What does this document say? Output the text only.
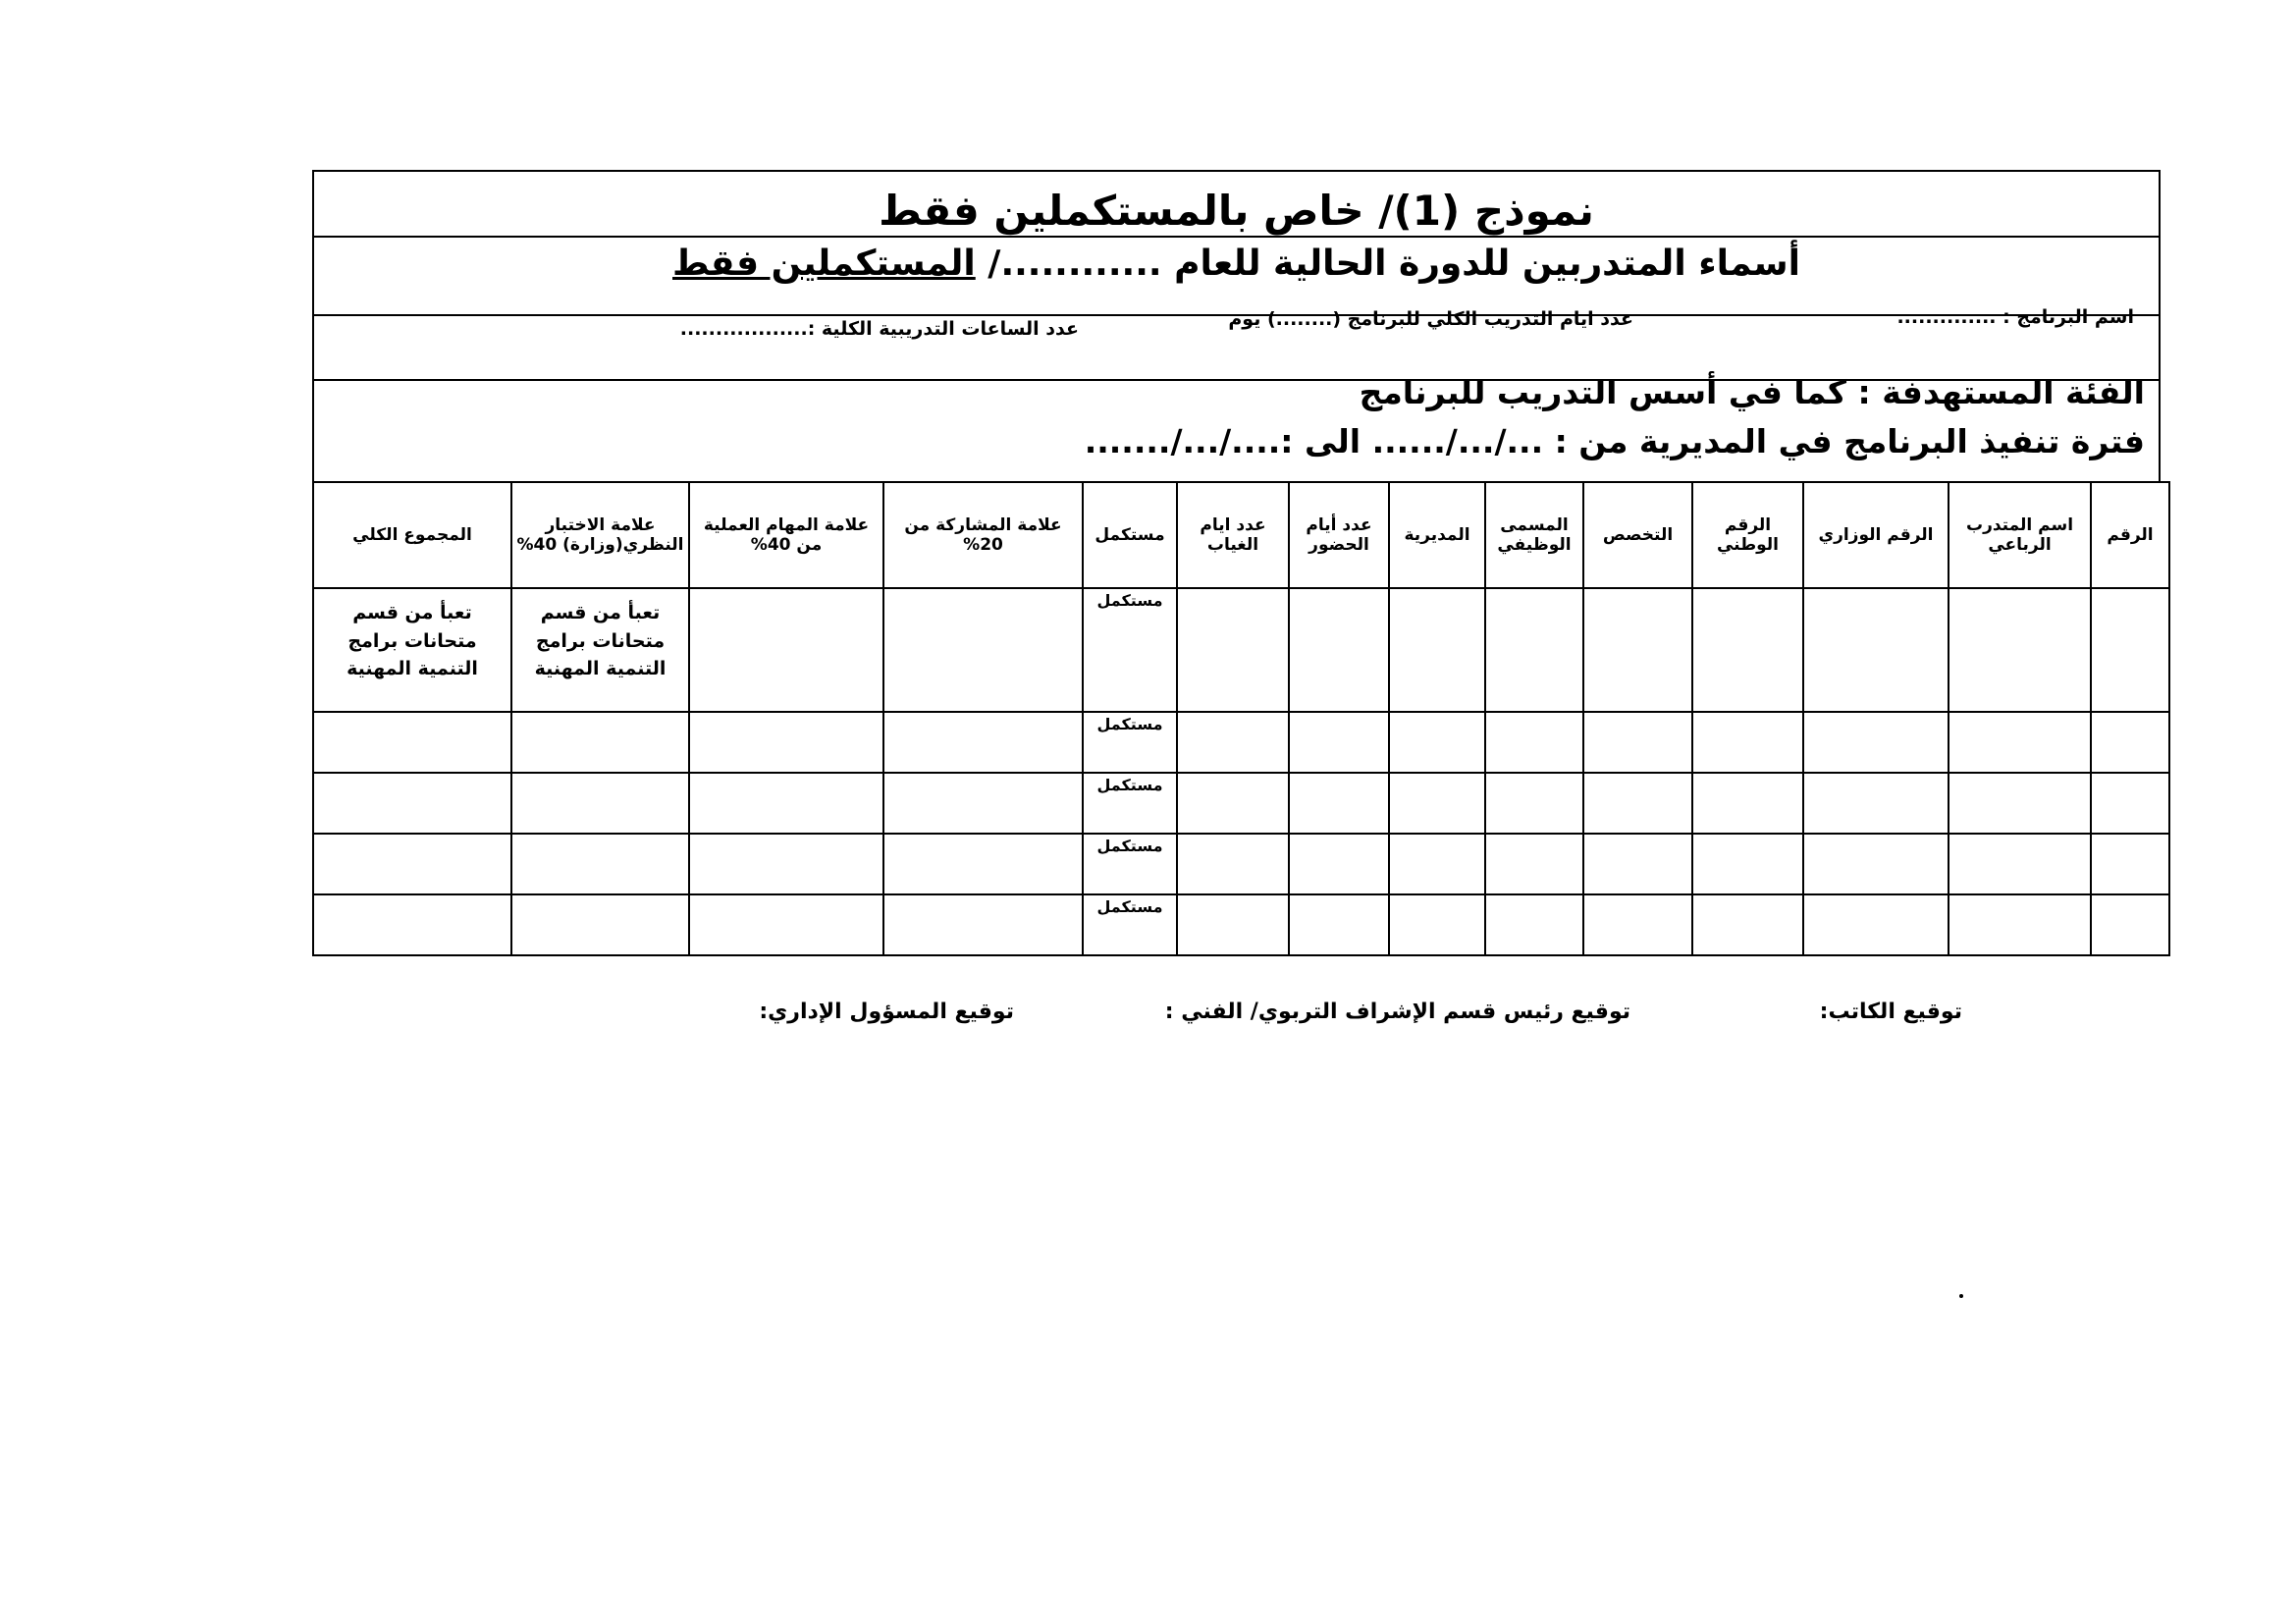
نموذج (1)/ خاص بالمستكملين فقط
أسماء المتدربين للدورة الحالية للعام ............/ المستكملين فقط
اسم البرنامج : ..............
عدد ايام التدريب الكلي للبرنامج (........) يوم
عدد الساعات التدريبية الكلية :..................
الفئة المستهدفة : كما في أسس التدريب للبرنامج
فترة تنفيذ البرنامج في المديرية من : .../.../...... الى :..../.../.......
الرقم	اسم المتدرب الرباعي	الرقم الوزاري	الرقم الوطني	التخصص	المسمى الوظيفي	المديرية	عدد أيام الحضور	عدد ايام الغياب	مستكمل	علامة المشاركة من 20%	علامة المهام العملية من 40%	علامة الاختبار النظري(وزارة) 40%	المجموع الكلي
									مستكمل			تعبأ من قسم متحانات برامج التنمية المهنية	تعبأ من قسم متحانات برامج التنمية المهنية
									مستكمل				
									مستكمل				
									مستكمل				
									مستكمل				
توقيع الكاتب:
توقيع رئيس قسم الإشراف التربوي/ الفني :
توقيع المسؤول الإداري:
